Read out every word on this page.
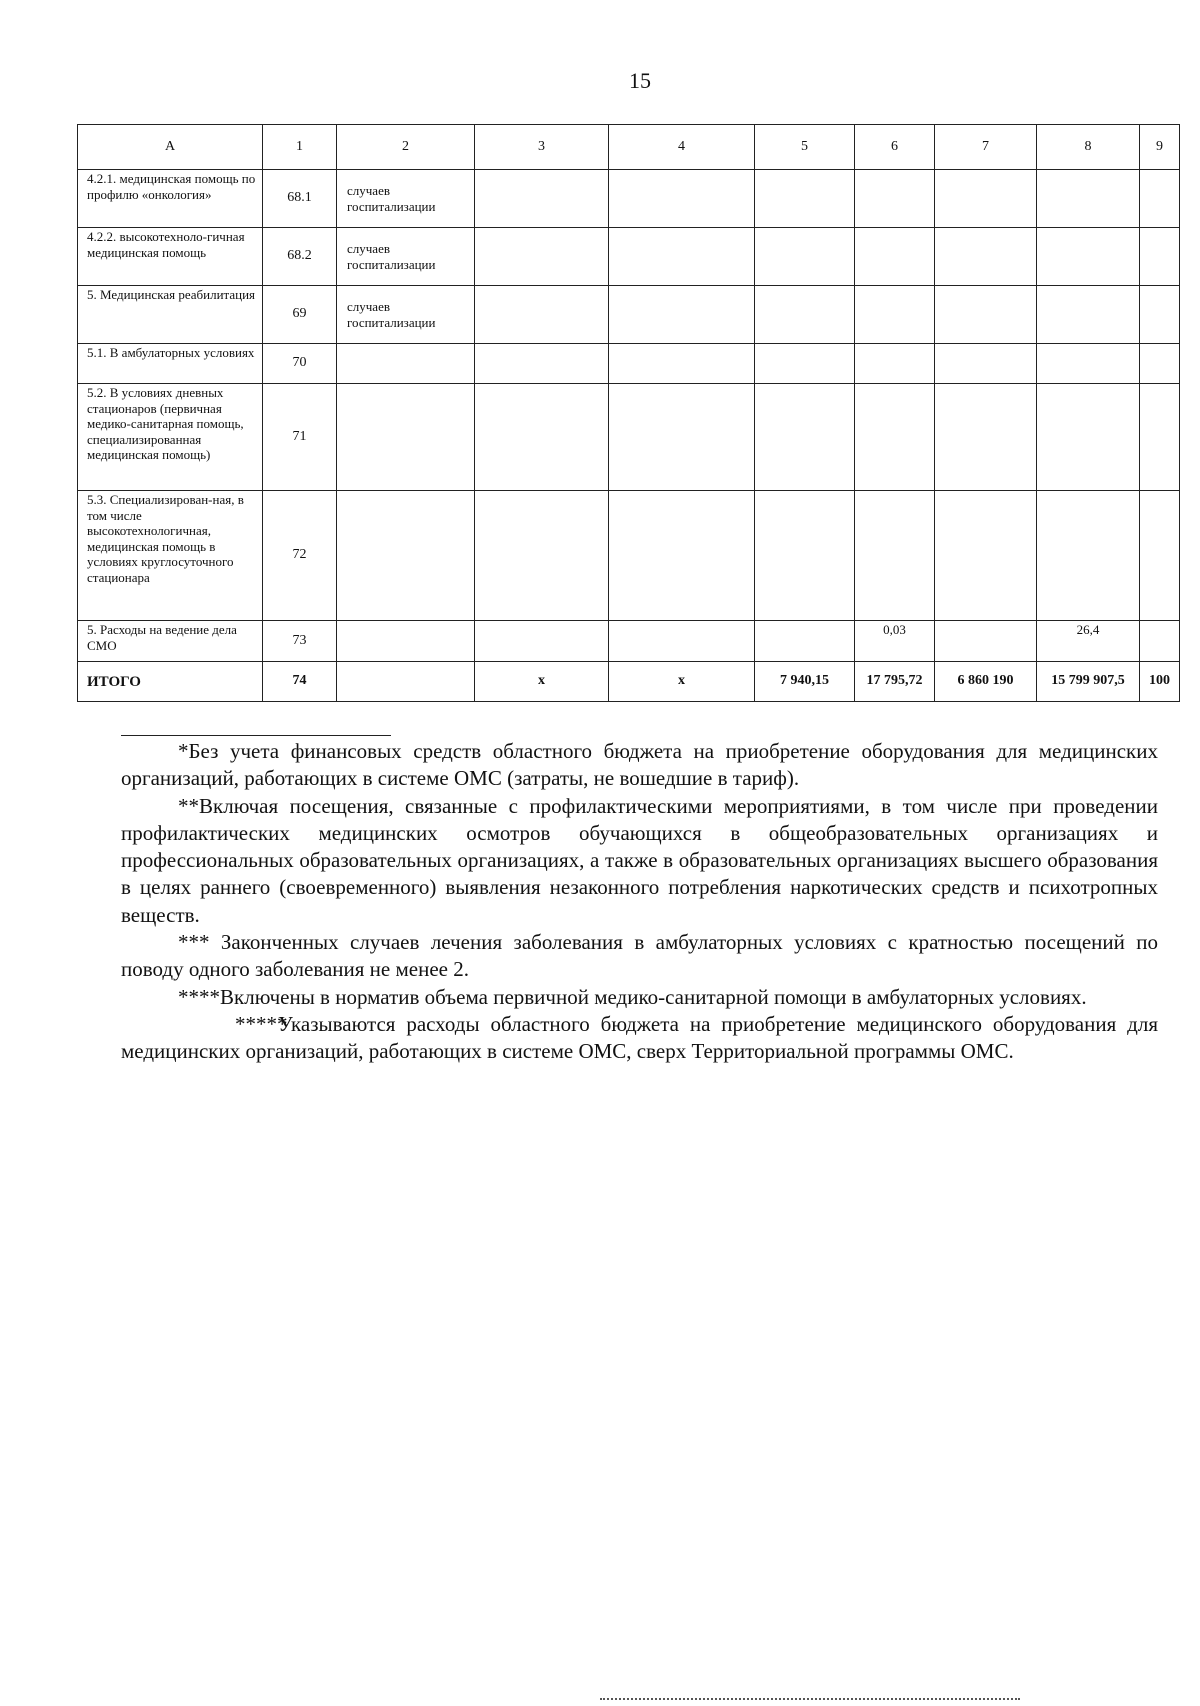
15
А	1	2	3	4	5	6	7	8	9
4.2.1. медицинская помощь по профилю «онкология»	68.1	случаев госпитализации							
4.2.2. высокотехноло-гичная медицинская помощь	68.2	случаев госпитализации							
5. Медицинская реабилитация	69	случаев госпитализации							
5.1. В амбулаторных условиях	70								
5.2. В условиях дневных стационаров (первичная медико-санитарная помощь, специализированная медицинская помощь)	71								
5.3. Специализирован-ная, в том числе высокотехнологичная, медицинская помощь в условиях круглосуточного стационара	72								
5. Расходы на ведение дела СМО	73					0,03		26,4	
ИТОГО	74		х	х	7 940,15	17 795,72	6 860 190	15 799 907,5	100

*Без учета финансовых средств областного бюджета на приобретение оборудования для медицинских организаций, работающих в системе ОМС (затраты, не вошедшие в тариф).

**Включая посещения, связанные с профилактическими мероприятиями, в том числе при проведении профилактических медицинских осмотров обучающихся в общеобразовательных организациях и профессиональных образовательных организациях, а также в образовательных организациях высшего образования в целях раннего (своевременного) выявления незаконного потребления наркотических средств и психотропных веществ.

*** Законченных случаев лечения заболевания в амбулаторных условиях с кратностью посещений по поводу одного заболевания не менее 2.

****Включены в норматив объема первичной медико-санитарной помощи в амбулаторных условиях.

*****Указываются расходы областного бюджета на приобретение медицинского оборудования для медицинских организаций, работающих в системе ОМС, сверх Территориальной программы ОМС.
